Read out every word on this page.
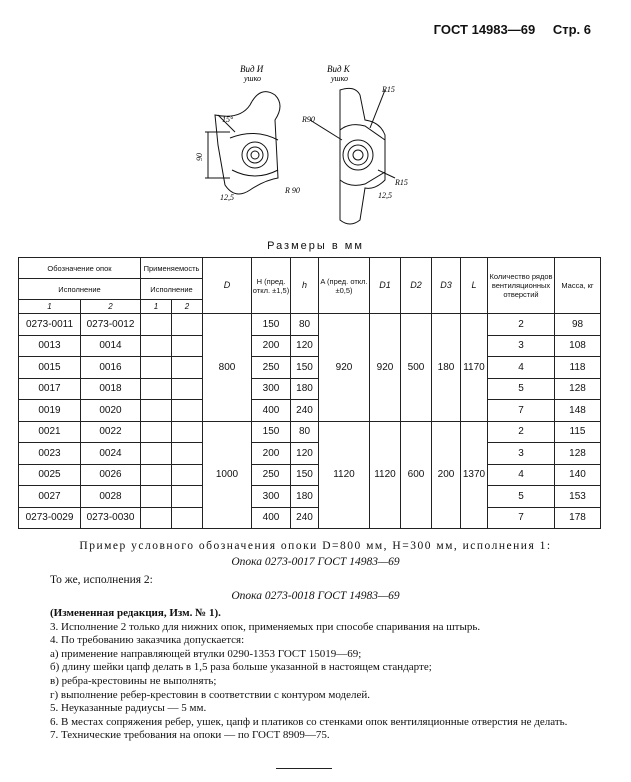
ГОСТ 14983—69 Стр. 6
Вид И
ушко
Вид К
ушко
15°
90
R 90
12,5
R90
R15
R15
12,5
Размеры в мм
Обозначение опок		Применяемость		D	H (пред. откл. ±1,5)	h	A (пред. откл. ±0,5)	D1	D2	D3	L	Количество рядов вентиляционных отверстий	Масса, кг
Исполнение		Исполнение											
1	2	1	2										
0273-0011	0273-0012			800	150	80	920	920	500	180	1170	2	98
0013	0014				200	120						3	108
0015	0016				250	150						4	118
0017	0018				300	180						5	128
0019	0020				400	240						7	148
0021	0022			1000	150	80	1120	1120	600	200	1370	2	115
0023	0024				200	120						3	128
0025	0026				250	150						4	140
0027	0028				300	180						5	153
0273-0029	0273-0030				400	240						7	178
Пример условного обозначения опоки D=800 мм, H=300 мм, исполнения 1:
Опока 0273-0017 ГОСТ 14983—69
То же, исполнения 2:
Опока 0273-0018 ГОСТ 14983—69
(Измененная редакция, Изм. № 1).
3. Исполнение 2 только для нижних опок, применяемых при способе спаривания на штырь.
4. По требованию заказчика допускается:
а) применение направляющей втулки 0290-1353 ГОСТ 15019—69;
б) длину шейки цапф делать в 1,5 раза больше указанной в настоящем стандарте;
в) ребра-крестовины не выполнять;
г) выполнение ребер-крестовин в соответствии с контуром моделей.
5. Неуказанные радиусы — 5 мм.
6. В местах сопряжения ребер, ушек, цапф и платиков со стенками опок вентиляционные отверстия не делать.
7. Технические требования на опоки — по ГОСТ 8909—75.
